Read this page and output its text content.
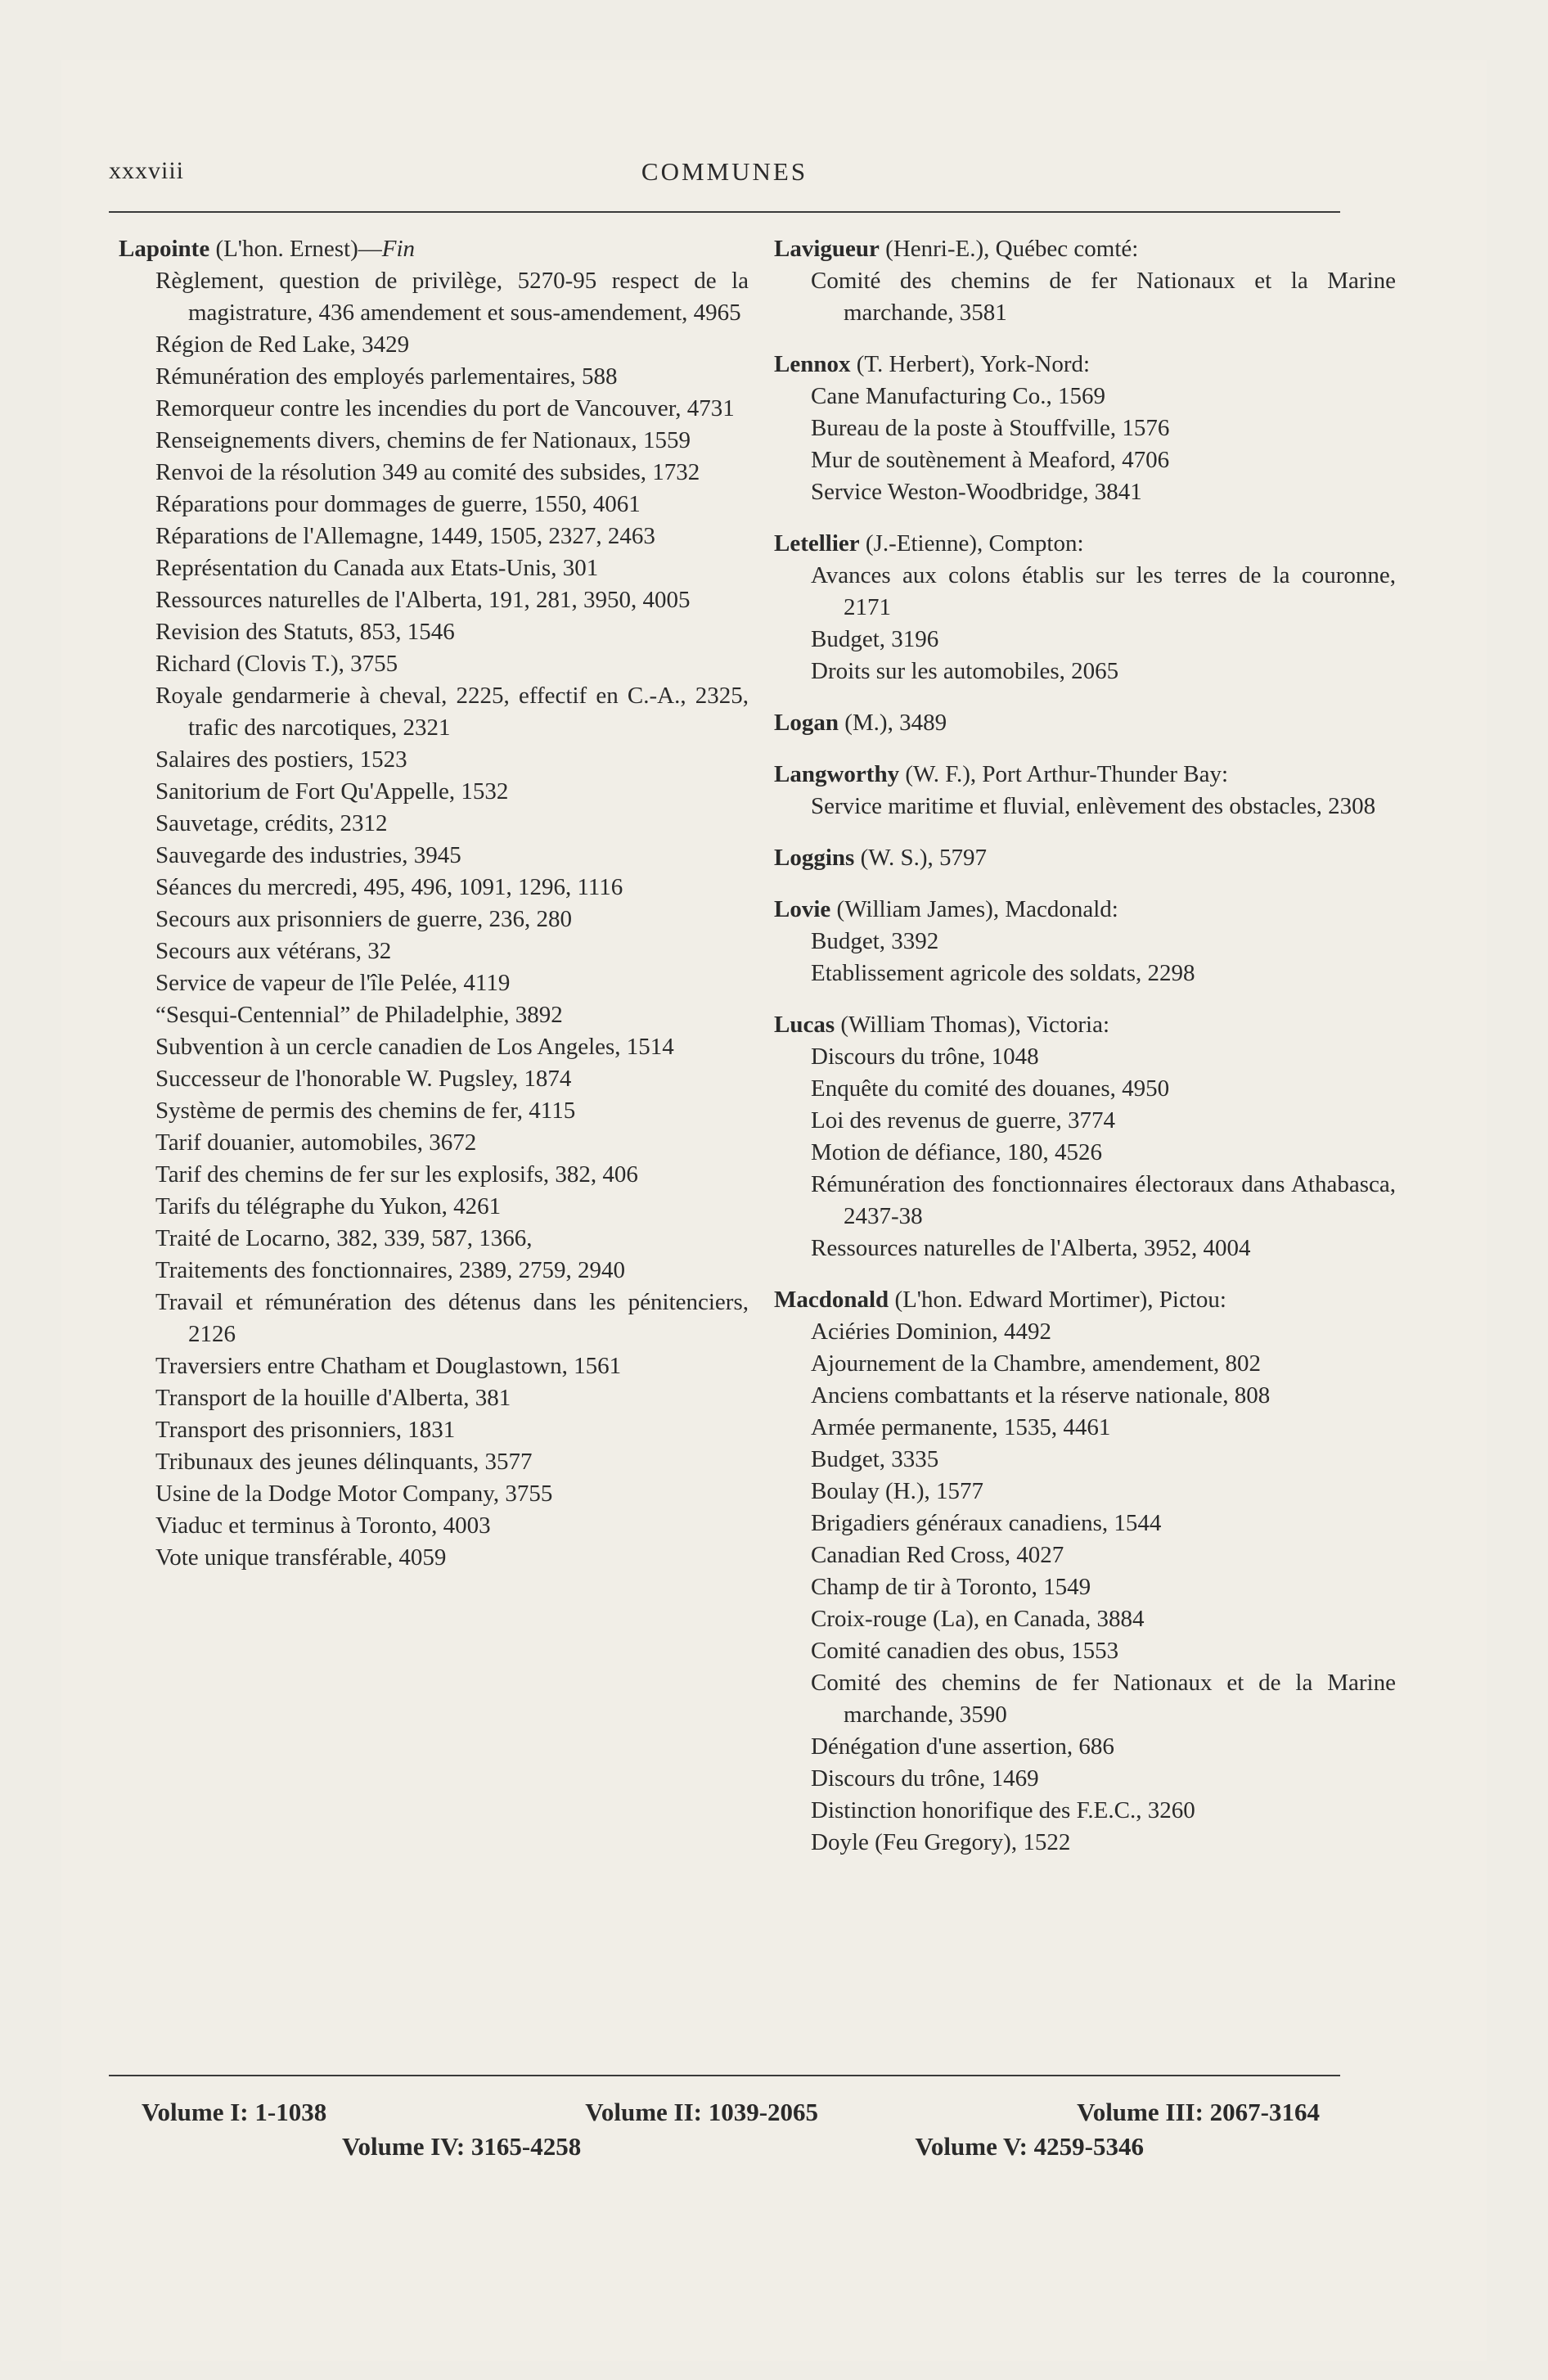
xxxviii	COMMUNES
Lapointe (L'hon. Ernest)—Fin
Règlement, question de privilège, 5270-95 respect de la magistrature, 436 amendement et sous-amendement, 4965
Région de Red Lake, 3429
Rémunération des employés parlementaires, 588
Remorqueur contre les incendies du port de Vancouver, 4731
Renseignements divers, chemins de fer Nationaux, 1559
Renvoi de la résolution 349 au comité des subsides, 1732
Réparations pour dommages de guerre, 1550, 4061
Réparations de l'Allemagne, 1449, 1505, 2327, 2463
Représentation du Canada aux Etats-Unis, 301
Ressources naturelles de l'Alberta, 191, 281, 3950, 4005
Revision des Statuts, 853, 1546
Richard (Clovis T.), 3755
Royale gendarmerie à cheval, 2225, effectif en C.-A., 2325, trafic des narcotiques, 2321
Salaires des postiers, 1523
Sanitorium de Fort Qu'Appelle, 1532
Sauvetage, crédits, 2312
Sauvegarde des industries, 3945
Séances du mercredi, 495, 496, 1091, 1296, 1116
Secours aux prisonniers de guerre, 236, 280
Secours aux vétérans, 32
Service de vapeur de l'île Pelée, 4119
“Sesqui-Centennial” de Philadelphie, 3892
Subvention à un cercle canadien de Los Angeles, 1514
Successeur de l'honorable W. Pugsley, 1874
Système de permis des chemins de fer, 4115
Tarif douanier, automobiles, 3672
Tarif des chemins de fer sur les explosifs, 382, 406
Tarifs du télégraphe du Yukon, 4261
Traité de Locarno, 382, 339, 587, 1366,
Traitements des fonctionnaires, 2389, 2759, 2940
Travail et rémunération des détenus dans les pénitenciers, 2126
Traversiers entre Chatham et Douglastown, 1561
Transport de la houille d'Alberta, 381
Transport des prisonniers, 1831
Tribunaux des jeunes délinquants, 3577
Usine de la Dodge Motor Company, 3755
Viaduc et terminus à Toronto, 4003
Vote unique transférable, 4059
Lavigueur (Henri-E.), Québec comté:
Comité des chemins de fer Nationaux et la Marine marchande, 3581
Lennox (T. Herbert), York-Nord:
Cane Manufacturing Co., 1569
Bureau de la poste à Stouffville, 1576
Mur de soutènement à Meaford, 4706
Service Weston-Woodbridge, 3841
Letellier (J.-Etienne), Compton:
Avances aux colons établis sur les terres de la couronne, 2171
Budget, 3196
Droits sur les automobiles, 2065
Logan (M.), 3489
Langworthy (W. F.), Port Arthur-Thunder Bay:
Service maritime et fluvial, enlèvement des obstacles, 2308
Loggins (W. S.), 5797
Lovie (William James), Macdonald:
Budget, 3392
Etablissement agricole des soldats, 2298
Lucas (William Thomas), Victoria:
Discours du trône, 1048
Enquête du comité des douanes, 4950
Loi des revenus de guerre, 3774
Motion de défiance, 180, 4526
Rémunération des fonctionnaires électoraux dans Athabasca, 2437-38
Ressources naturelles de l'Alberta, 3952, 4004
Macdonald (L'hon. Edward Mortimer), Pictou:
Aciéries Dominion, 4492
Ajournement de la Chambre, amendement, 802
Anciens combattants et la réserve nationale, 808
Armée permanente, 1535, 4461
Budget, 3335
Boulay (H.), 1577
Brigadiers généraux canadiens, 1544
Canadian Red Cross, 4027
Champ de tir à Toronto, 1549
Croix-rouge (La), en Canada, 3884
Comité canadien des obus, 1553
Comité des chemins de fer Nationaux et de la Marine marchande, 3590
Dénégation d'une assertion, 686
Discours du trône, 1469
Distinction honorifique des F.E.C., 3260
Doyle (Feu Gregory), 1522
Volume I: 1-1038	Volume II: 1039-2065	Volume III: 2067-3164
Volume IV: 3165-4258	Volume V: 4259-5346
